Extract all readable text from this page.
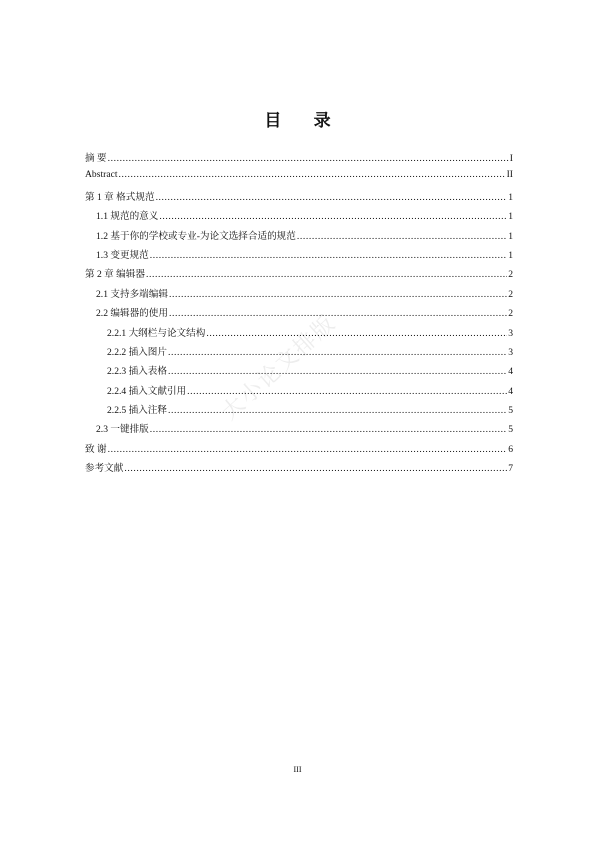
目 录
大小论文排版
摘 要 .....	I
Abstract .....	II
第 1 章 格式规范 .....	1
1.1 规范的意义 .....	1
1.2 基于你的学校或专业-为论文选择合适的规范 .....	1
1.3 变更规范 .....	1
第 2 章 编辑器 .....	2
2.1 支持多端编辑 .....	2
2.2 编辑器的使用 .....	2
2.2.1 大纲栏与论文结构 .....	3
2.2.2 插入图片 .....	3
2.2.3 插入表格 .....	4
2.2.4 插入文献引用 .....	4
2.2.5 插入注释 .....	5
2.3 一键排版 .....	5
致 谢 .....	6
参考文献 .....	7
III
